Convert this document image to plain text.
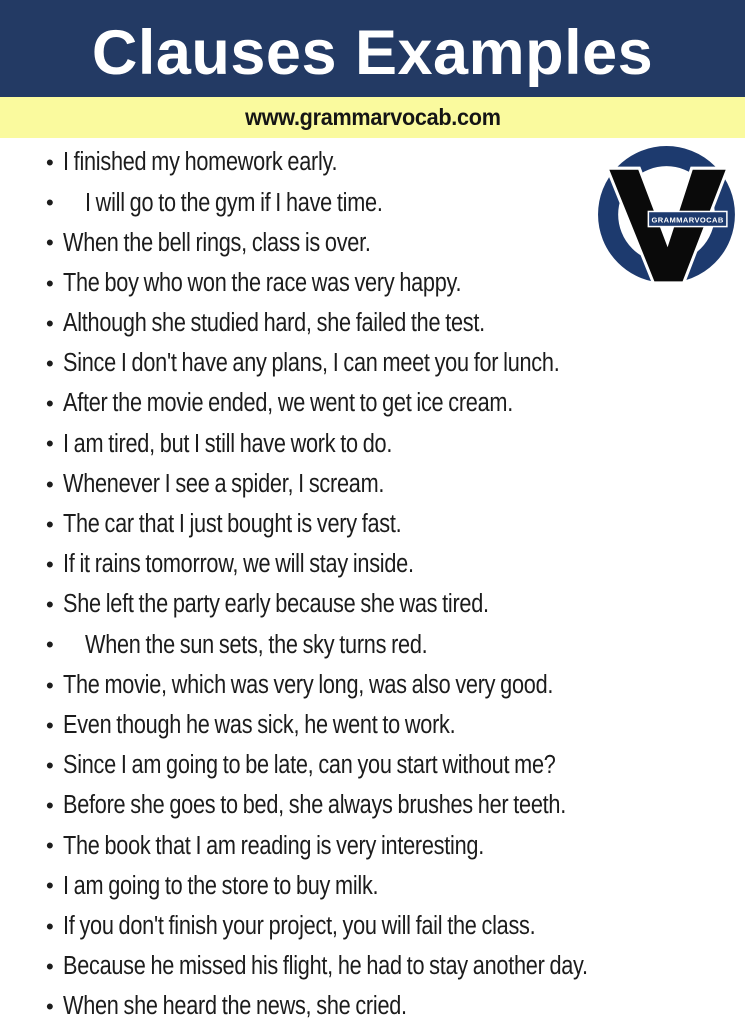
Clauses Examples
www.grammarvocab.com
• I finished my homework early.
•	I will go to the gym if I have time.
• When the bell rings, class is over.
• The boy who won the race was very happy.
• Although she studied hard, she failed the test.
• Since I don't have any plans, I can meet you for lunch.
• After the movie ended, we went to get ice cream.
• I am tired, but I still have work to do.
• Whenever I see a spider, I scream.
• The car that I just bought is very fast.
• If it rains tomorrow, we will stay inside.
• She left the party early because she was tired.
•	When the sun sets, the sky turns red.
• The movie, which was very long, was also very good.
• Even though he was sick, he went to work.
• Since I am going to be late, can you start without me?
• Before she goes to bed, she always brushes her teeth.
• The book that I am reading is very interesting.
• I am going to the store to buy milk.
• If you don't finish your project, you will fail the class.
• Because he missed his flight, he had to stay another day.
• When she heard the news, she cried.
GRAMMARVOCAB
